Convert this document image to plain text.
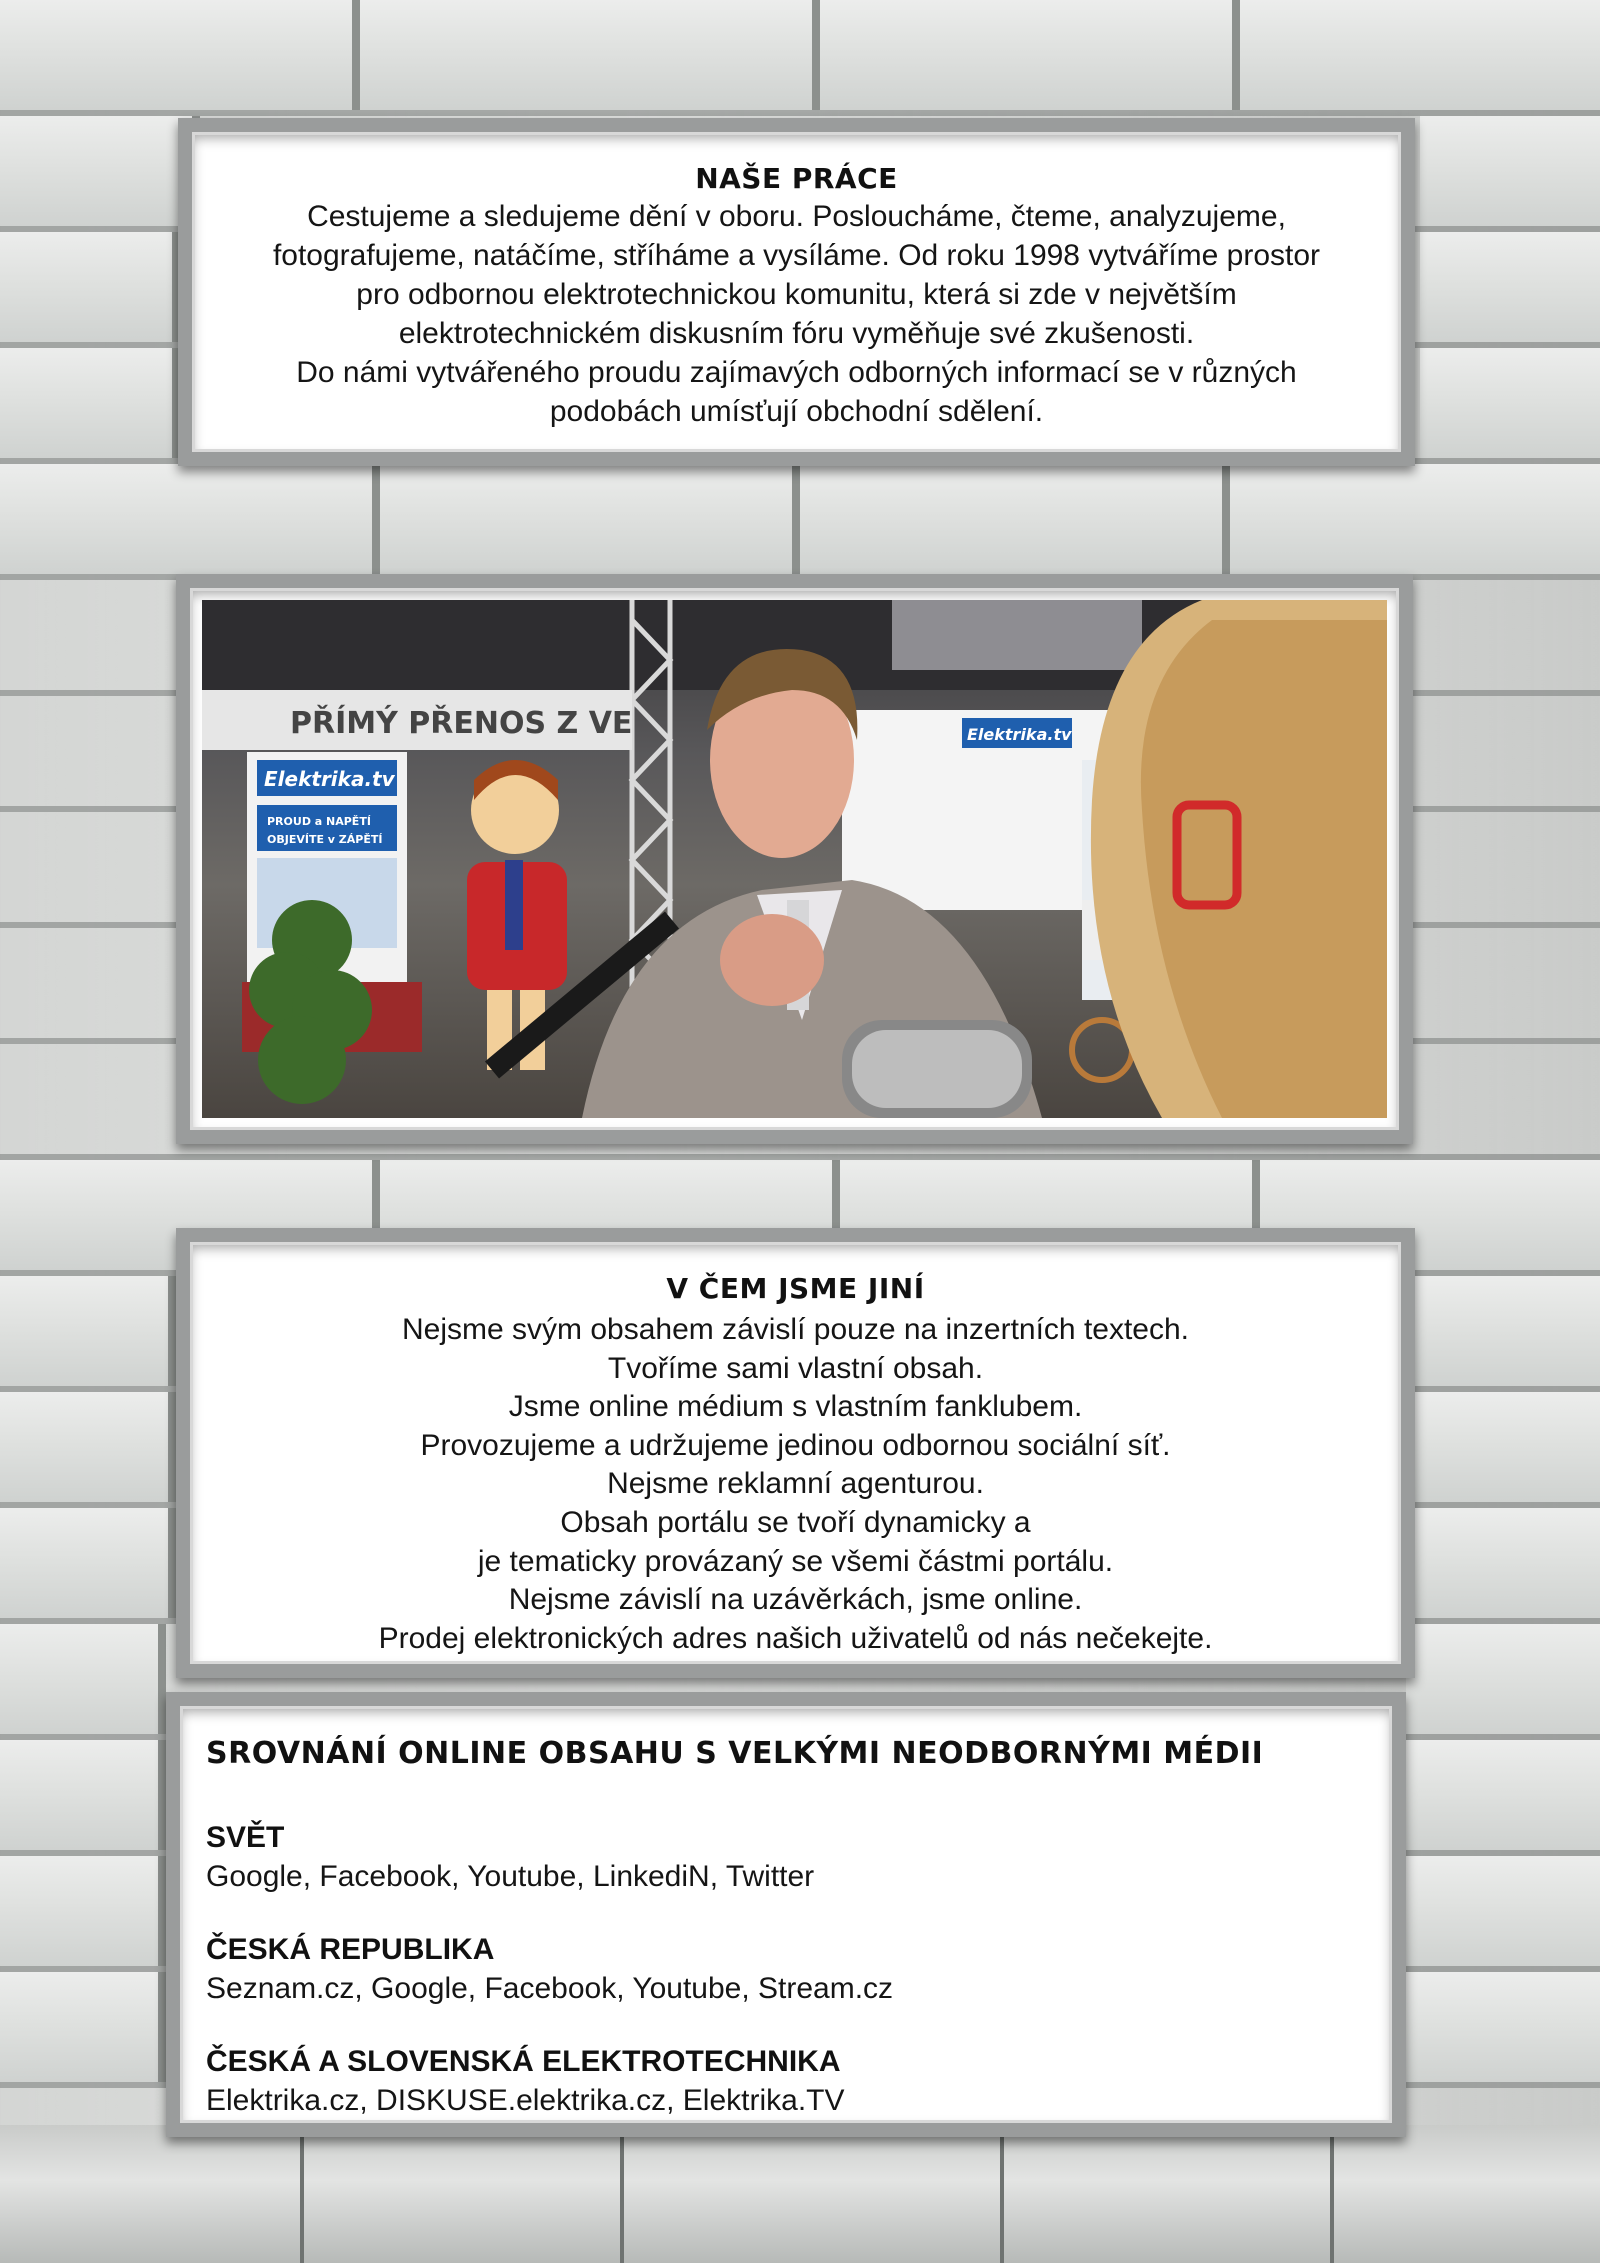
NAŠE PRÁCE

Cestujeme a sledujeme dění v oboru. Posloucháme, čteme, analyzujeme,
fotografujeme, natáčíme, stříháme a vysíláme. Od roku 1998 vytváříme prostor
pro odbornou elektrotechnickou komunitu, která si zde v největším
elektrotechnickém diskusním fóru vyměňuje své zkušenosti.
Do námi vytvářeného proudu zajímavých odborných informací se v různých
podobách umísťují obchodní sdělení.

PŘÍMÝ PŘENOS Z VE
Elektrika.tv
PROUD a NAPĚTÍ
OBJEVÍTE v ZÁPĚTÍ
Elektrika.tv
V ČEM JSME JINÍ
Nejsme svým obsahem závislí pouze na inzertních textech.
Tvoříme sami vlastní obsah.
Jsme online médium s vlastním fanklubem.
Provozujeme a udržujeme jedinou odbornou sociální síť.
Nejsme reklamní agenturou.
Obsah portálu se tvoří dynamicky a
je tematicky provázaný se všemi částmi portálu.
Nejsme závislí na uzávěrkách, jsme online.
Prodej elektronických adres našich uživatelů od nás nečekejte.
SROVNÁNÍ ONLINE OBSAHU S VELKÝMI NEODBORNÝMI MÉDII
SVĚT
Google, Facebook, Youtube, LinkediN, Twitter
ČESKÁ REPUBLIKA
Seznam.cz, Google, Facebook, Youtube, Stream.cz
ČESKÁ A SLOVENSKÁ ELEKTROTECHNIKA
Elektrika.cz, DISKUSE.elektrika.cz, Elektrika.TV
